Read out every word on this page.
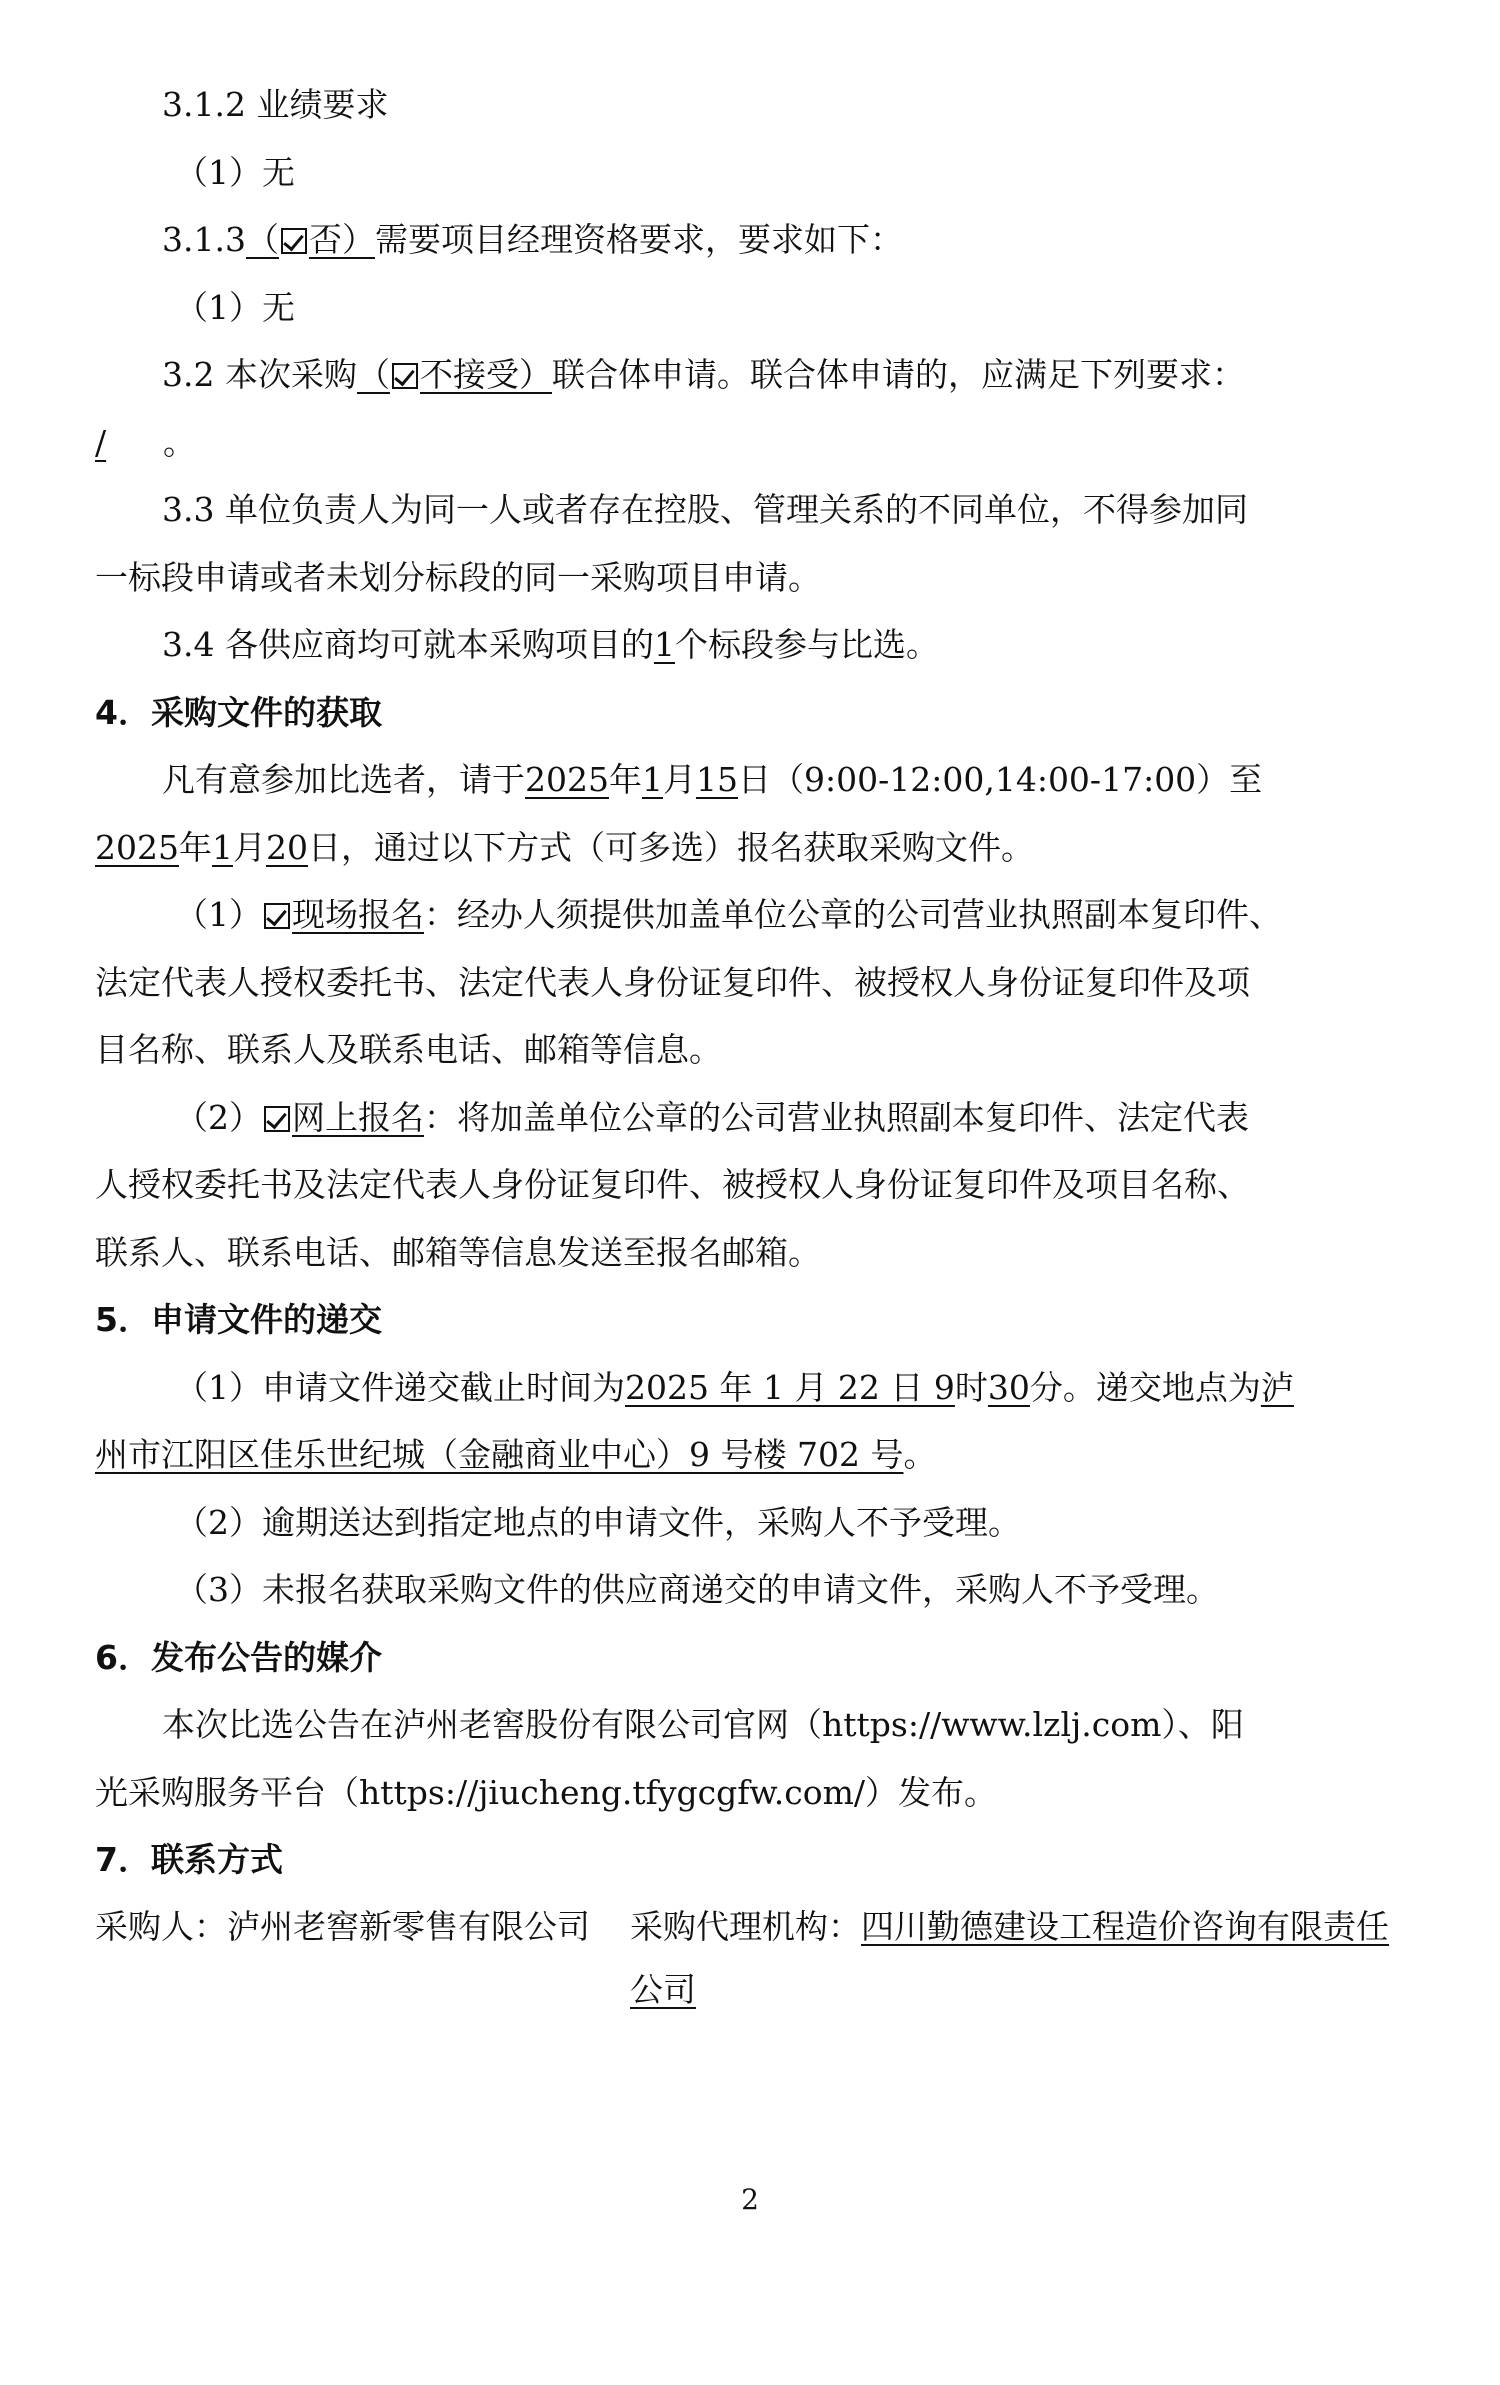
3.1.2 业绩要求
（1）无
3.1.3（ 否）需要项目经理资格要求，要求如下：
（1）无
3.2 本次采购（ 不接受）联合体申请。联合体申请的，应满足下列要求：
/ 。
3.3 单位负责人为同一人或者存在控股、管理关系的不同单位，不得参加同
一标段申请或者未划分标段的同一采购项目申请。
3.4 各供应商均可就本采购项目的1个标段参与比选。
4．采购文件的获取
凡有意参加比选者，请于2025年1月15日（9:00-12:00,14:00-17:00）至
2025年1月20日，通过以下方式（可多选）报名获取采购文件。
（1） 现场报名：经办人须提供加盖单位公章的公司营业执照副本复印件、
法定代表人授权委托书、法定代表人身份证复印件、被授权人身份证复印件及项
目名称、联系人及联系电话、邮箱等信息。
（2） 网上报名：将加盖单位公章的公司营业执照副本复印件、法定代表
人授权委托书及法定代表人身份证复印件、被授权人身份证复印件及项目名称、
联系人、联系电话、邮箱等信息发送至报名邮箱。
5．申请文件的递交
（1）申请文件递交截止时间为2025 年 1 月 22 日 9时30分。递交地点为泸
州市江阳区佳乐世纪城（金融商业中心）9 号楼 702 号。
（2）逾期送达到指定地点的申请文件，采购人不予受理。
（3）未报名获取采购文件的供应商递交的申请文件，采购人不予受理。
6．发布公告的媒介
本次比选公告在泸州老窖股份有限公司官网（https://www.lzlj.com）、阳
光采购服务平台（https://jiucheng.tfygcgfw.com/）发布。
7．联系方式
采购人：泸州老窖新零售有限公司	采购代理机构：四川勤德建设工程造价咨询有限责任公司
2
